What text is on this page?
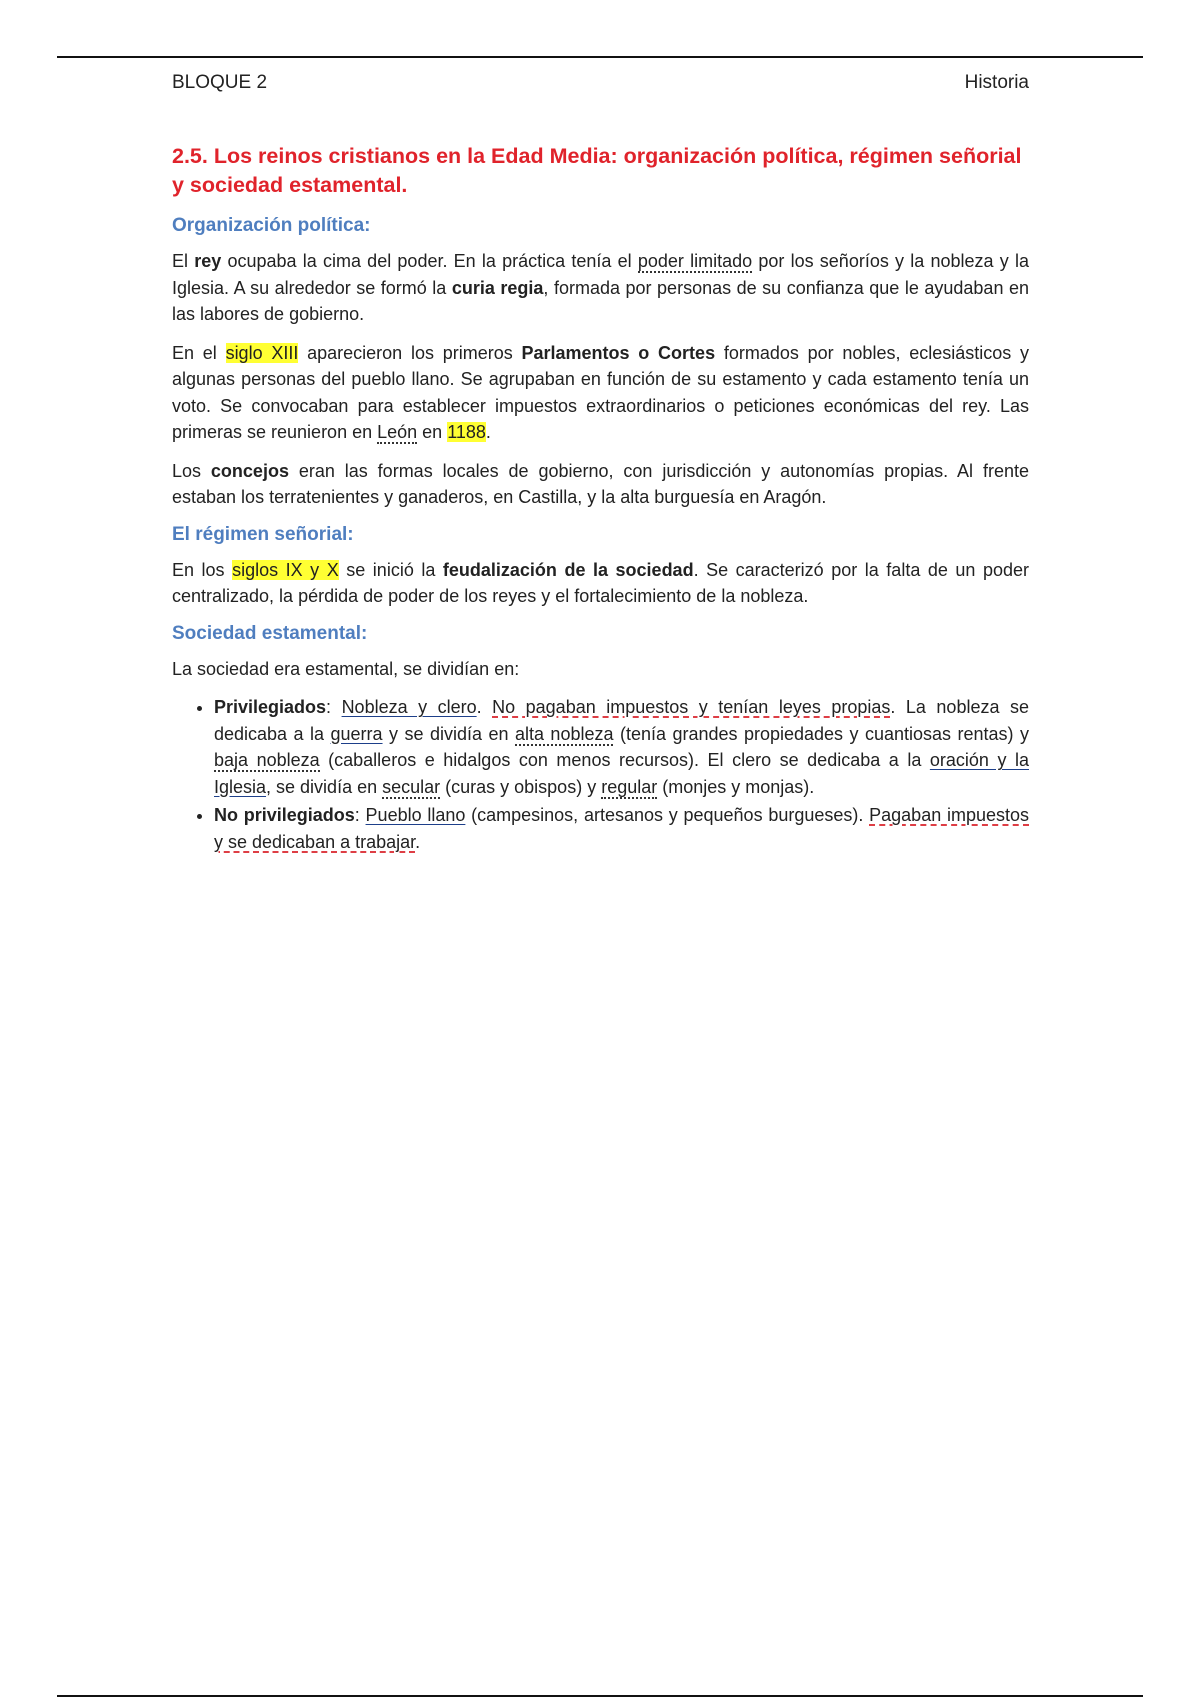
BLOQUE 2	Historia
2.5. Los reinos cristianos en la Edad Media: organización política, régimen señorial y sociedad estamental.
Organización política:

El rey ocupaba la cima del poder. En la práctica tenía el poder limitado por los señoríos y la nobleza y la Iglesia. A su alrededor se formó la curia regia, formada por personas de su confianza que le ayudaban en las labores de gobierno.

En el siglo XIII aparecieron los primeros Parlamentos o Cortes formados por nobles, eclesiásticos y algunas personas del pueblo llano. Se agrupaban en función de su estamento y cada estamento tenía un voto. Se convocaban para establecer impuestos extraordinarios o peticiones económicas del rey. Las primeras se reunieron en León en 1188.

Los concejos eran las formas locales de gobierno, con jurisdicción y autonomías propias. Al frente estaban los terratenientes y ganaderos, en Castilla, y la alta burguesía en Aragón.

El régimen señorial:

En los siglos IX y X se inició la feudalización de la sociedad. Se caracterizó por la falta de un poder centralizado, la pérdida de poder de los reyes y el fortalecimiento de la nobleza.

Sociedad estamental:

La sociedad era estamental, se dividían en:

• Privilegiados: Nobleza y clero. No pagaban impuestos y tenían leyes propias. La nobleza se dedicaba a la guerra y se dividía en alta nobleza (tenía grandes propiedades y cuantiosas rentas) y baja nobleza (caballeros e hidalgos con menos recursos). El clero se dedicaba a la oración y la Iglesia, se dividía en secular (curas y obispos) y regular (monjes y monjas).
• No privilegiados: Pueblo llano (campesinos, artesanos y pequeños burgueses). Pagaban impuestos y se dedicaban a trabajar.
